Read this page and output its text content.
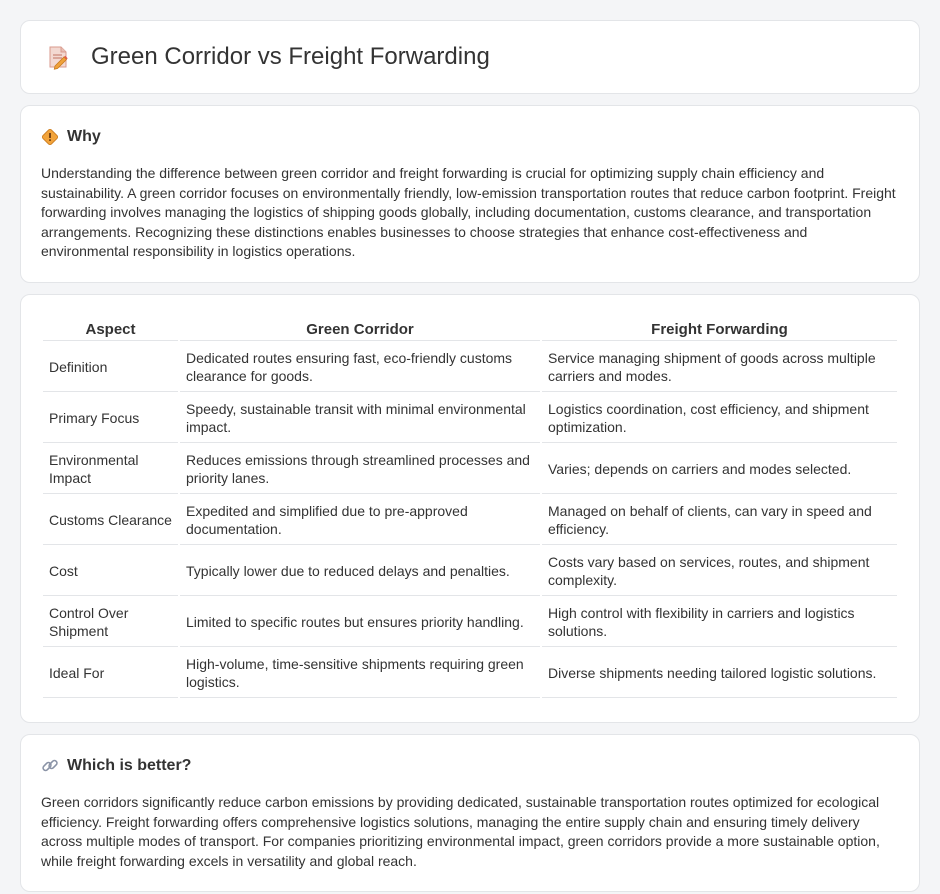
Green Corridor vs Freight Forwarding
Why

Understanding the difference between green corridor and freight forwarding is crucial for optimizing supply chain efficiency and sustainability. A green corridor focuses on environmentally friendly, low-emission transportation routes that reduce carbon footprint. Freight forwarding involves managing the logistics of shipping goods globally, including documentation, customs clearance, and transportation arrangements. Recognizing these distinctions enables businesses to choose strategies that enhance cost-effectiveness and environmental responsibility in logistics operations.

Aspect	Green Corridor	Freight Forwarding
Definition	Dedicated routes ensuring fast, eco-friendly customs clearance for goods.	Service managing shipment of goods across multiple carriers and modes.
Primary Focus	Speedy, sustainable transit with minimal environmental impact.	Logistics coordination, cost efficiency, and shipment optimization.
Environmental Impact	Reduces emissions through streamlined processes and priority lanes.	Varies; depends on carriers and modes selected.
Customs Clearance	Expedited and simplified due to pre-approved documentation.	Managed on behalf of clients, can vary in speed and efficiency.
Cost	Typically lower due to reduced delays and penalties.	Costs vary based on services, routes, and shipment complexity.
Control Over Shipment	Limited to specific routes but ensures priority handling.	High control with flexibility in carriers and logistics solutions.
Ideal For	High-volume, time-sensitive shipments requiring green logistics.	Diverse shipments needing tailored logistic solutions.
Which is better?

Green corridors significantly reduce carbon emissions by providing dedicated, sustainable transportation routes optimized for ecological efficiency. Freight forwarding offers comprehensive logistics solutions, managing the entire supply chain and ensuring timely delivery across multiple modes of transport. For companies prioritizing environmental impact, green corridors provide a more sustainable option, while freight forwarding excels in versatility and global reach.
